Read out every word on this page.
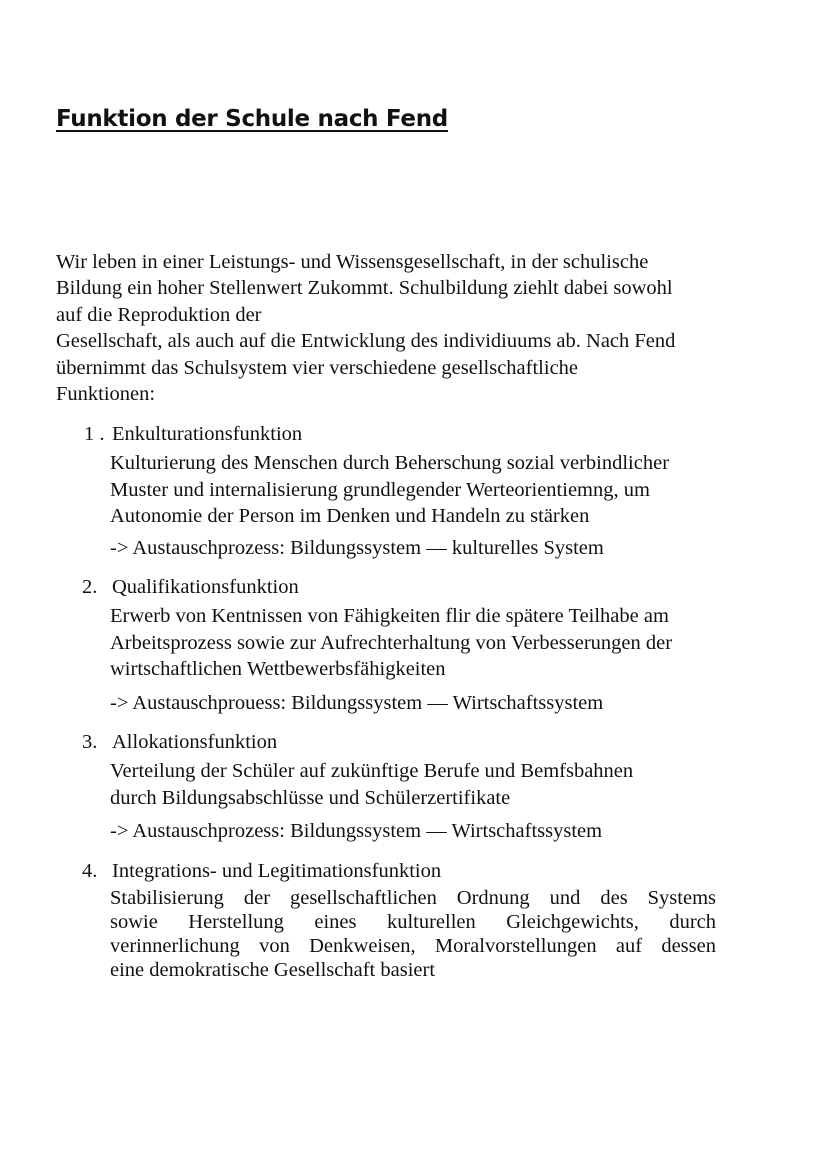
Funktion der Schule nach Fend
Wir leben in einer Leistungs- und Wissensgesellschaft, in der schulische
Bildung ein hoher Stellenwert Zukommt. Schulbildung ziehlt dabei sowohl
auf die Reproduktion der
Gesellschaft, als auch auf die Entwicklung des individiuums ab. Nach Fend
übernimmt das Schulsystem vier verschiedene gesellschaftliche
Funktionen:
1 . Enkulturationsfunktion
Kulturierung des Menschen durch Beherschung sozial verbindlicher
Muster und internalisierung grundlegender Werteorientiemng, um
Autonomie der Person im Denken und Handeln zu stärken
-> Austauschprozess: Bildungssystem — kulturelles System
2. Qualifikationsfunktion
Erwerb von Kentnissen von Fähigkeiten flir die spätere Teilhabe am
Arbeitsprozess sowie zur Aufrechterhaltung von Verbesserungen der
wirtschaftlichen Wettbewerbsfähigkeiten
-> Austauschprouess: Bildungssystem — Wirtschaftssystem
3. Allokationsfunktion
Verteilung der Schüler auf zukünftige Berufe und Bemfsbahnen
durch Bildungsabschlüsse und Schülerzertifikate
-> Austauschprozess: Bildungssystem — Wirtschaftssystem
4. Integrations- und Legitimationsfunktion
Stabilisierung der gesellschaftlichen Ordnung und des Systems
sowie Herstellung eines kulturellen Gleichgewichts, durch
verinnerlichung von Denkweisen, Moralvorstellungen auf dessen
eine demokratische Gesellschaft basiert
